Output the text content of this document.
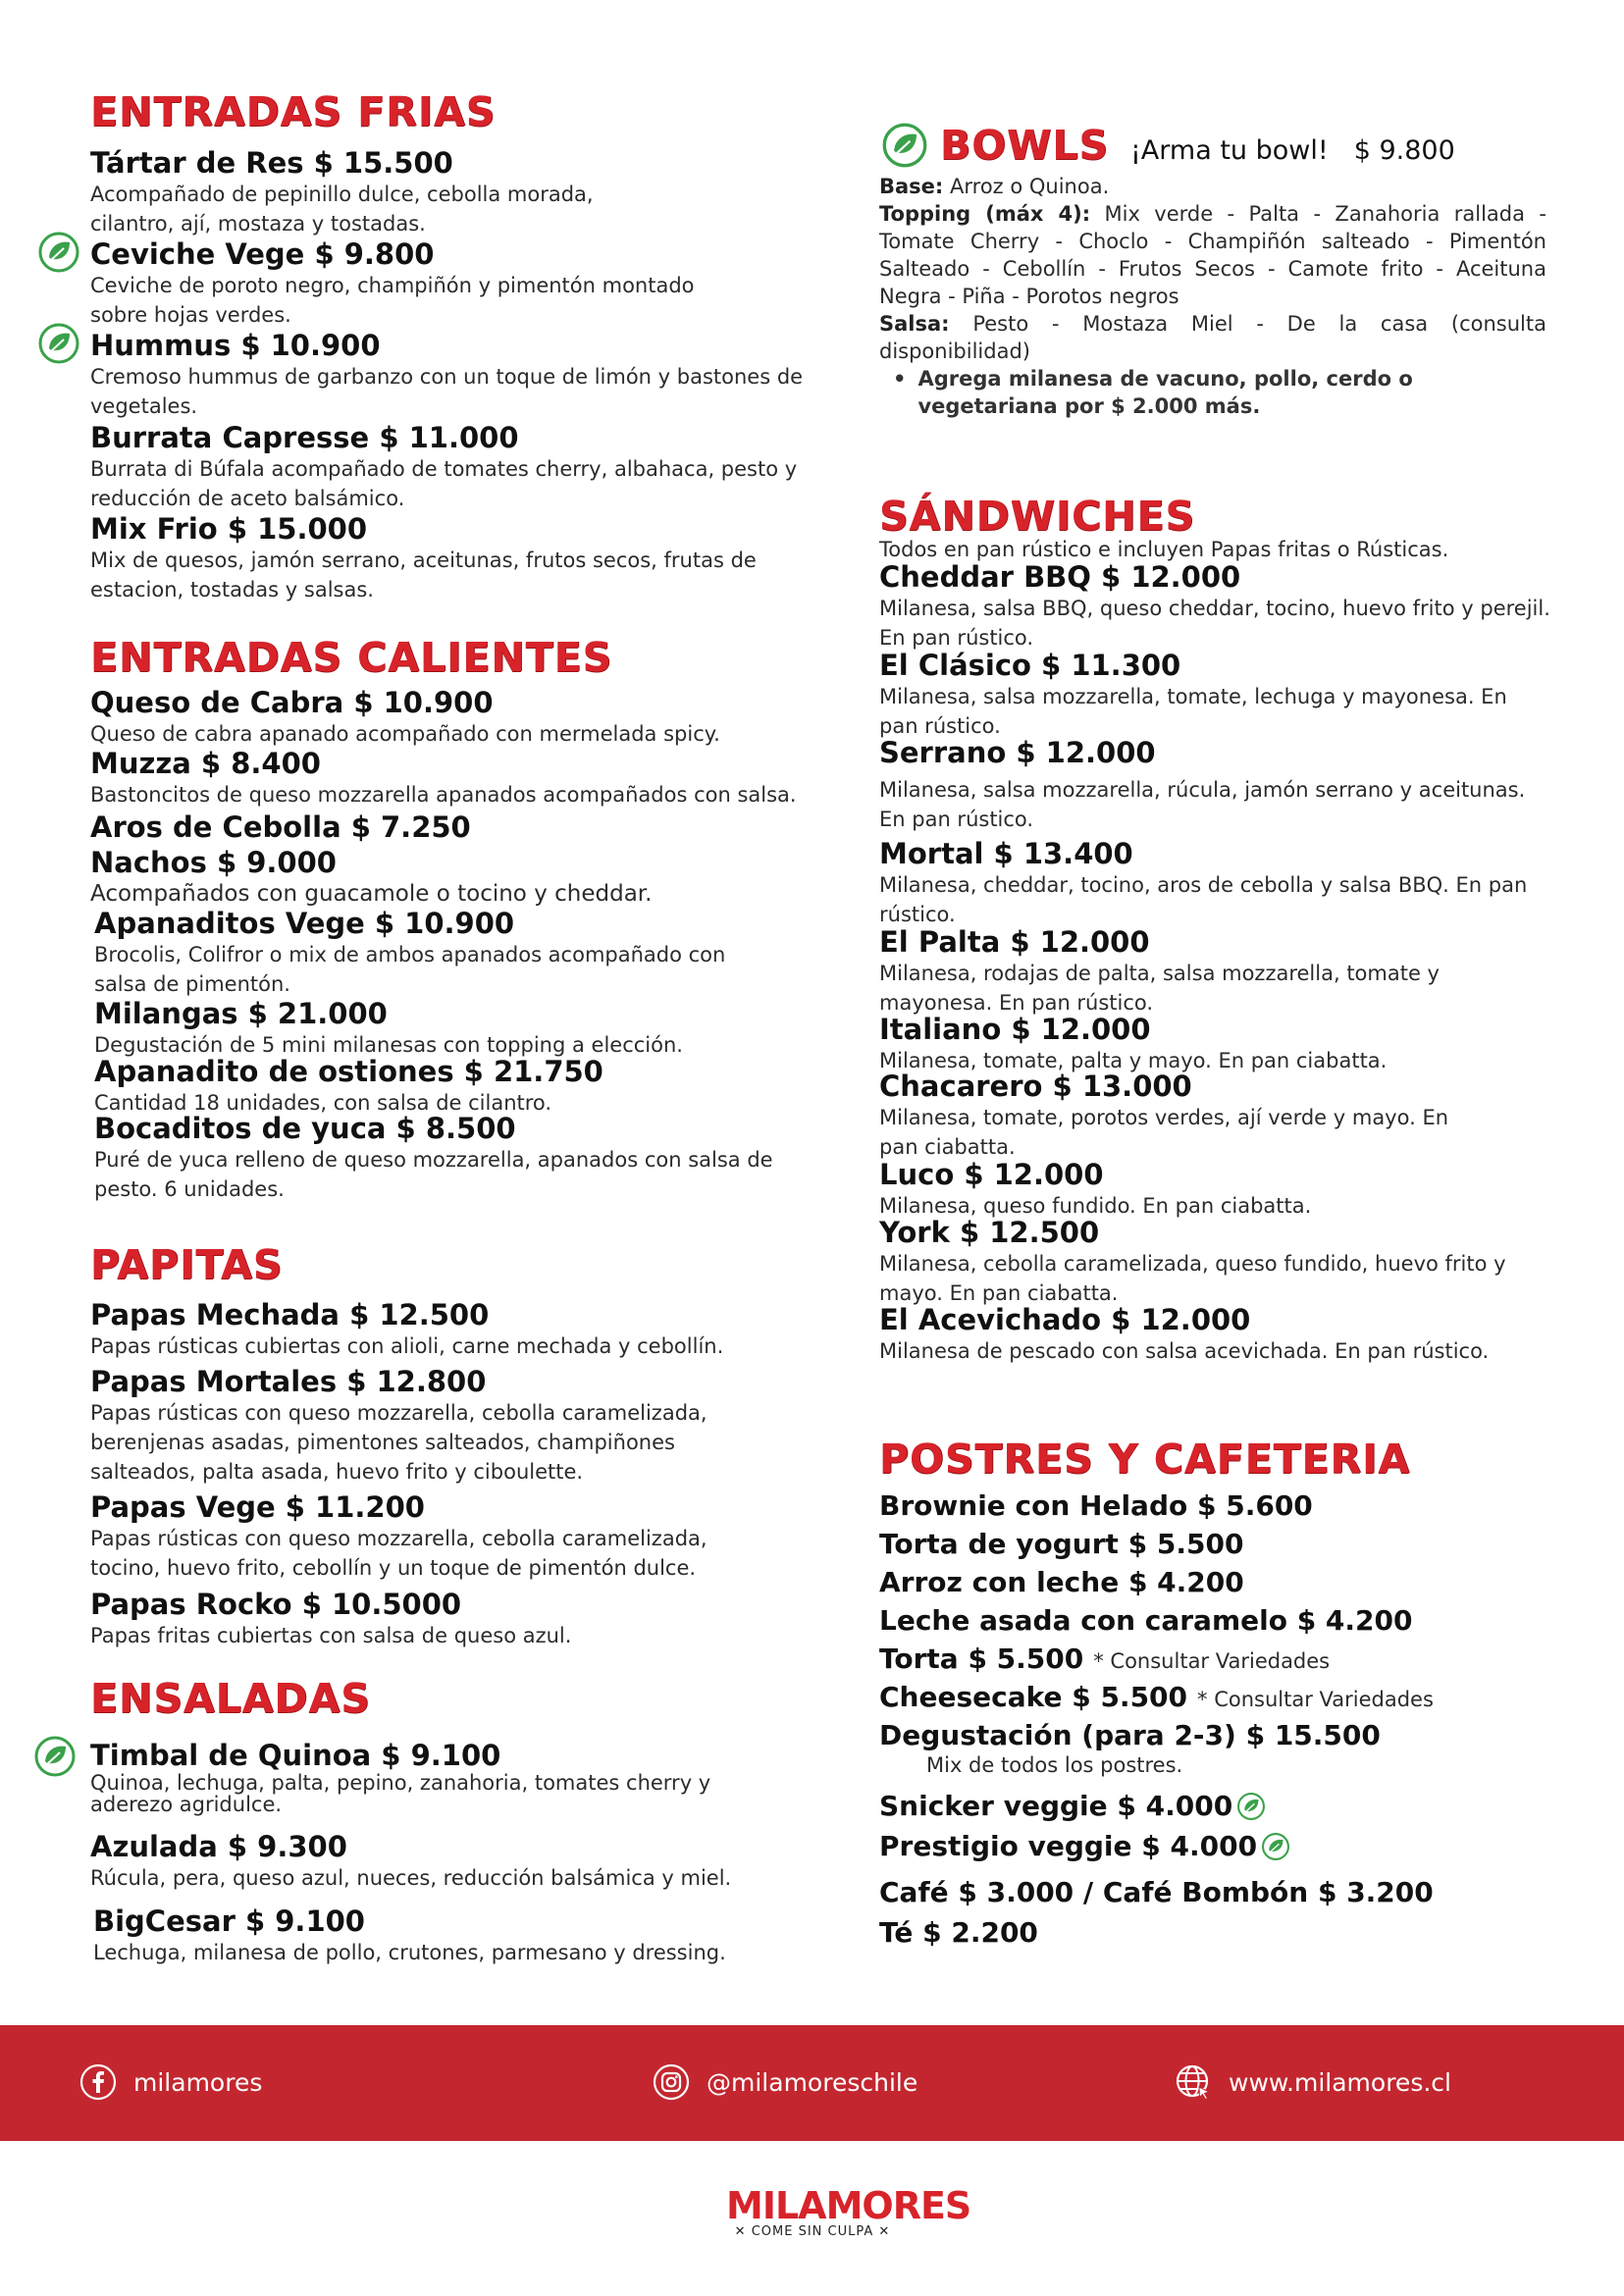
ENTRADAS FRIAS
Tártar de Res $ 15.500
Acompañado de pepinillo dulce, cebolla morada, cilantro, ají, mostaza y tostadas.
Ceviche Vege $ 9.800
Ceviche de poroto negro, champiñón y pimentón montado sobre hojas verdes.
Hummus $ 10.900
Cremoso hummus de garbanzo con un toque de limón y bastones de vegetales.
Burrata Capresse $ 11.000
Burrata di Búfala acompañado de tomates cherry, albahaca, pesto y reducción de aceto balsámico.
Mix Frio $ 15.000
Mix de quesos, jamón serrano, aceitunas, frutos secos, frutas de estacion, tostadas y salsas.
ENTRADAS CALIENTES
Queso de Cabra $ 10.900
Queso de cabra apanado acompañado con mermelada spicy.
Muzza $ 8.400
Bastoncitos de queso mozzarella apanados acompañados con salsa.
Aros de Cebolla $ 7.250
Nachos $ 9.000
Acompañados con guacamole o tocino y cheddar.
Apanaditos Vege $ 10.900
Brocolis, Colifror o mix de ambos apanados acompañado con salsa de pimentón.
Milangas $ 21.000
Degustación de 5 mini milanesas con topping a elección.
Apanadito de ostiones $ 21.750
Cantidad 18 unidades, con salsa de cilantro.
Bocaditos de yuca $ 8.500
Puré de yuca relleno de queso mozzarella, apanados con salsa de pesto. 6 unidades.
PAPITAS
Papas Mechada $ 12.500
Papas rústicas cubiertas con alioli, carne mechada y cebollín.
Papas Mortales $ 12.800
Papas rústicas con queso mozzarella, cebolla caramelizada, berenjenas asadas, pimentones salteados, champiñones salteados, palta asada, huevo frito y ciboulette.
Papas Vege $ 11.200
Papas rústicas con queso mozzarella, cebolla caramelizada, tocino, huevo frito, cebollín y un toque de pimentón dulce.
Papas Rocko $ 10.5000
Papas fritas cubiertas con salsa de queso azul.
ENSALADAS
Timbal de Quinoa $ 9.100
Quinoa, lechuga, palta, pepino, zanahoria, tomates cherry y aderezo agridulce.
Azulada $ 9.300
Rúcula, pera, queso azul, nueces, reducción balsámica y miel.
BigCesar $ 9.100
Lechuga, milanesa de pollo, crutones, parmesano y dressing.
BOWLS ¡Arma tu bowl! $ 9.800
Base: Arroz o Quinoa.
Topping (máx 4): Mix verde - Palta - Zanahoria rallada - Tomate Cherry - Choclo - Champiñón salteado - Pimentón Salteado - Cebollín - Frutos Secos - Camote frito - Aceituna Negra - Piña - Porotos negros
Salsa: Pesto - Mostaza Miel - De la casa (consulta disponibilidad)
• Agrega milanesa de vacuno, pollo, cerdo o vegetariana por $ 2.000 más.
SÁNDWICHES
Todos en pan rústico e incluyen Papas fritas o Rústicas.
Cheddar BBQ $ 12.000
Milanesa, salsa BBQ, queso cheddar, tocino, huevo frito y perejil. En pan rústico.
El Clásico $ 11.300
Milanesa, salsa mozzarella, tomate, lechuga y mayonesa. En pan rústico.
Serrano $ 12.000
Milanesa, salsa mozzarella, rúcula, jamón serrano y aceitunas. En pan rústico.
Mortal $ 13.400
Milanesa, cheddar, tocino, aros de cebolla y salsa BBQ. En pan rústico.
El Palta $ 12.000
Milanesa, rodajas de palta, salsa mozzarella, tomate y mayonesa. En pan rústico.
Italiano $ 12.000
Milanesa, tomate, palta y mayo. En pan ciabatta.
Chacarero $ 13.000
Milanesa, tomate, porotos verdes, ají verde y mayo. En pan ciabatta.
Luco $ 12.000
Milanesa, queso fundido. En pan ciabatta.
York $ 12.500
Milanesa, cebolla caramelizada, queso fundido, huevo frito y mayo. En pan ciabatta.
El Acevichado $ 12.000
Milanesa de pescado con salsa acevichada. En pan rústico.
POSTRES Y CAFETERIA
Brownie con Helado $ 5.600
Torta de yogurt $ 5.500
Arroz con leche $ 4.200
Leche asada con caramelo $ 4.200
Torta $ 5.500 * Consultar Variedades
Cheesecake $ 5.500 * Consultar Variedades
Degustación (para 2-3) $ 15.500
Mix de todos los postres.
Snicker veggie $ 4.000
Prestigio veggie $ 4.000
Café $ 3.000 / Café Bombón $ 3.200
Té $ 2.200
milamores	@milamoreschile	www.milamores.cl
MILAMORES
✕ COME SIN CULPA ✕
